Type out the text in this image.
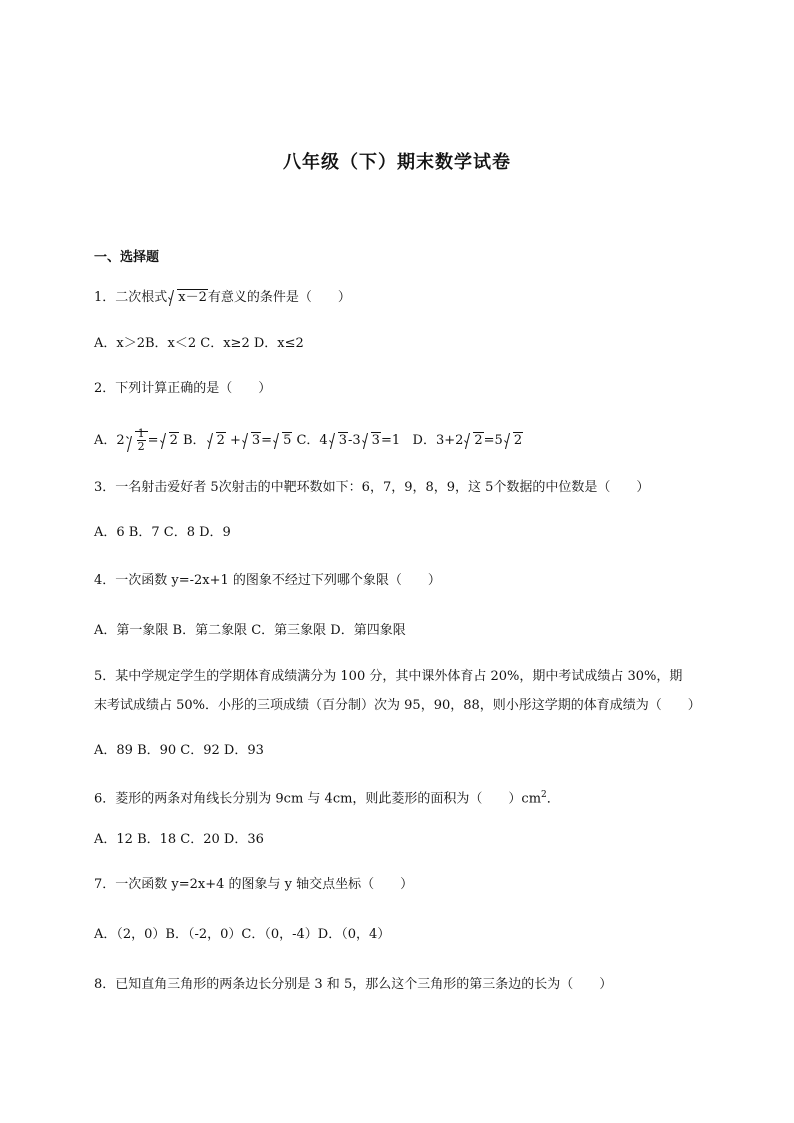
八年级（下）期末数学试卷
一、选择题
1．二次根式 x－2有意义的条件是（　　）
A．x＞2B．x＜2 C．x≥2 D．x≤2
2．下列计算正确的是（　　）
A．$2 \frac{1}{2} = 2$ B． 2 + 3= 5 C．4 3-3 3=1 D．3+2 2=5 2
3．一名射击爱好者 5次射击的中靶环数如下：6，7，9，8，9，这 5个数据的中位数是（　　）
A．6 B．7 C．8 D．9
4．一次函数 y=-2x+1 的图象不经过下列哪个象限（　　）
A．第一象限 B．第二象限 C．第三象限 D．第四象限
5．某中学规定学生的学期体育成绩满分为 100 分，其中课外体育占 20%，期中考试成绩占 30%，期
末考试成绩占 50%．小彤的三项成绩（百分制）次为 95，90，88，则小彤这学期的体育成绩为（　　）
A．89 B．90 C．92 D．93
6．菱形的两条对角线长分别为 9cm 与 4cm，则此菱形的面积为（　　）$cm^2$．
A．12 B．18 C．20 D．36
7．一次函数 y=2x+4 的图象与 y 轴交点坐标（　　）
A．（2，0）B．（-2，0）C．（0，-4）D．（0，4）
8．已知直角三角形的两条边长分别是 3 和 5，那么这个三角形的第三条边的长为（　　）
